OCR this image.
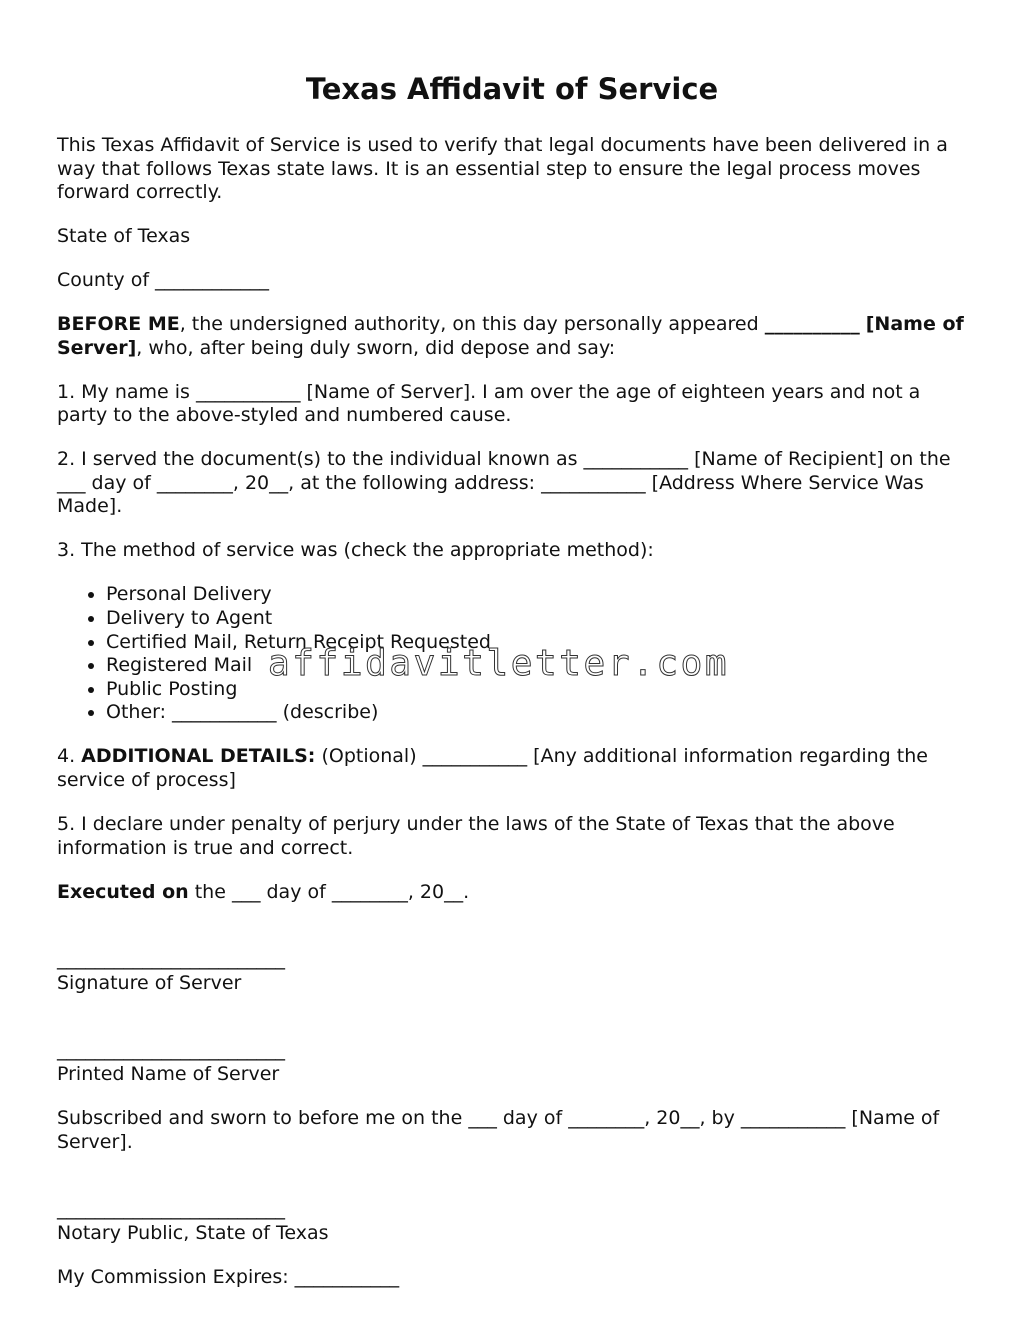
Texas Affidavit of Service

This Texas Affidavit of Service is used to verify that legal documents have been delivered in a way that follows Texas state laws. It is an essential step to ensure the legal process moves forward correctly.

State of Texas

County of ____________

BEFORE ME, the undersigned authority, on this day personally appeared __________ [Name of Server], who, after being duly sworn, did depose and say:

1. My name is ___________ [Name of Server]. I am over the age of eighteen years and not a party to the above-styled and numbered cause.

2. I served the document(s) to the individual known as ___________ [Name of Recipient] on the ___ day of ________, 20__, at the following address: ___________ [Address Where Service Was Made].

3. The method of service was (check the appropriate method):

• Personal Delivery
• Delivery to Agent
• Certified Mail, Return Receipt Requested
• Registered Mail
• Public Posting
• Other: ___________ (describe)

4. ADDITIONAL DETAILS: (Optional) ___________ [Any additional information regarding the service of process]

5. I declare under penalty of perjury under the laws of the State of Texas that the above information is true and correct.

Executed on the ___ day of ________, 20__.

________________________
Signature of Server

________________________
Printed Name of Server

Subscribed and sworn to before me on the ___ day of ________, 20__, by ___________ [Name of Server].

________________________
Notary Public, State of Texas

My Commission Expires: ___________

affidavitletter.com
